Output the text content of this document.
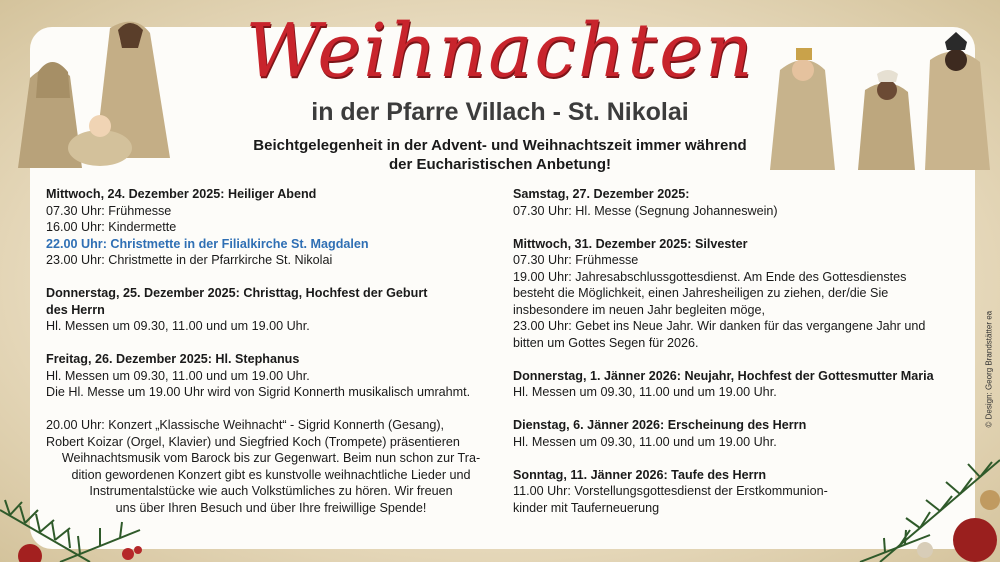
Weihnachten
in der Pfarre Villach - St. Nikolai
Beichtgelegenheit in der Advent- und Weihnachtszeit immer während
der Eucharistischen Anbetung!
Mittwoch, 24. Dezember 2025: Heiliger Abend
07.30 Uhr: Frühmesse
16.00 Uhr: Kindermette
22.00 Uhr: Christmette in der Filialkirche St. Magdalen
23.00 Uhr: Christmette in der Pfarrkirche St. Nikolai
Donnerstag, 25. Dezember 2025: Christtag, Hochfest der Geburt
des Herrn
Hl. Messen um 09.30, 11.00 und um 19.00 Uhr.
Freitag, 26. Dezember 2025: Hl. Stephanus
Hl. Messen um 09.30, 11.00 und um 19.00 Uhr.
Die Hl. Messe um 19.00 Uhr wird von Sigrid Konnerth musikalisch umrahmt.
20.00 Uhr: Konzert „Klassische Weihnacht“ - Sigrid Konnerth (Gesang),
Robert Koizar (Orgel, Klavier) und Siegfried Koch (Trompete) präsentieren
Weihnachtsmusik vom Barock bis zur Gegenwart. Beim nun schon zur Tra-
dition gewordenen Konzert gibt es kunstvolle weihnachtliche Lieder und
Instrumentalstücke wie auch Volkstümliches zu hören. Wir freuen
uns über Ihren Besuch und über Ihre freiwillige Spende!
Samstag, 27. Dezember 2025:
07.30 Uhr: Hl. Messe (Segnung Johanneswein)
Mittwoch, 31. Dezember 2025: Silvester
07.30 Uhr: Frühmesse
19.00 Uhr: Jahresabschlussgottesdienst. Am Ende des Gottesdienstes
besteht die Möglichkeit, einen Jahresheiligen zu ziehen, der/die Sie
insbesondere im neuen Jahr begleiten möge,
23.00 Uhr: Gebet ins Neue Jahr. Wir danken für das vergangene Jahr und
bitten um Gottes Segen für 2026.
Donnerstag, 1. Jänner 2026: Neujahr, Hochfest der Gottesmutter Maria
Hl. Messen um 09.30, 11.00 und um 19.00 Uhr.
Dienstag, 6. Jänner 2026: Erscheinung des Herrn
Hl. Messen um 09.30, 11.00 und um 19.00 Uhr.
Sonntag, 11. Jänner 2026: Taufe des Herrn
11.00 Uhr: Vorstellungsgottesdienst der Erstkommunion-
kinder mit Tauferneuerung
© Design: Georg Brandstätter ea
